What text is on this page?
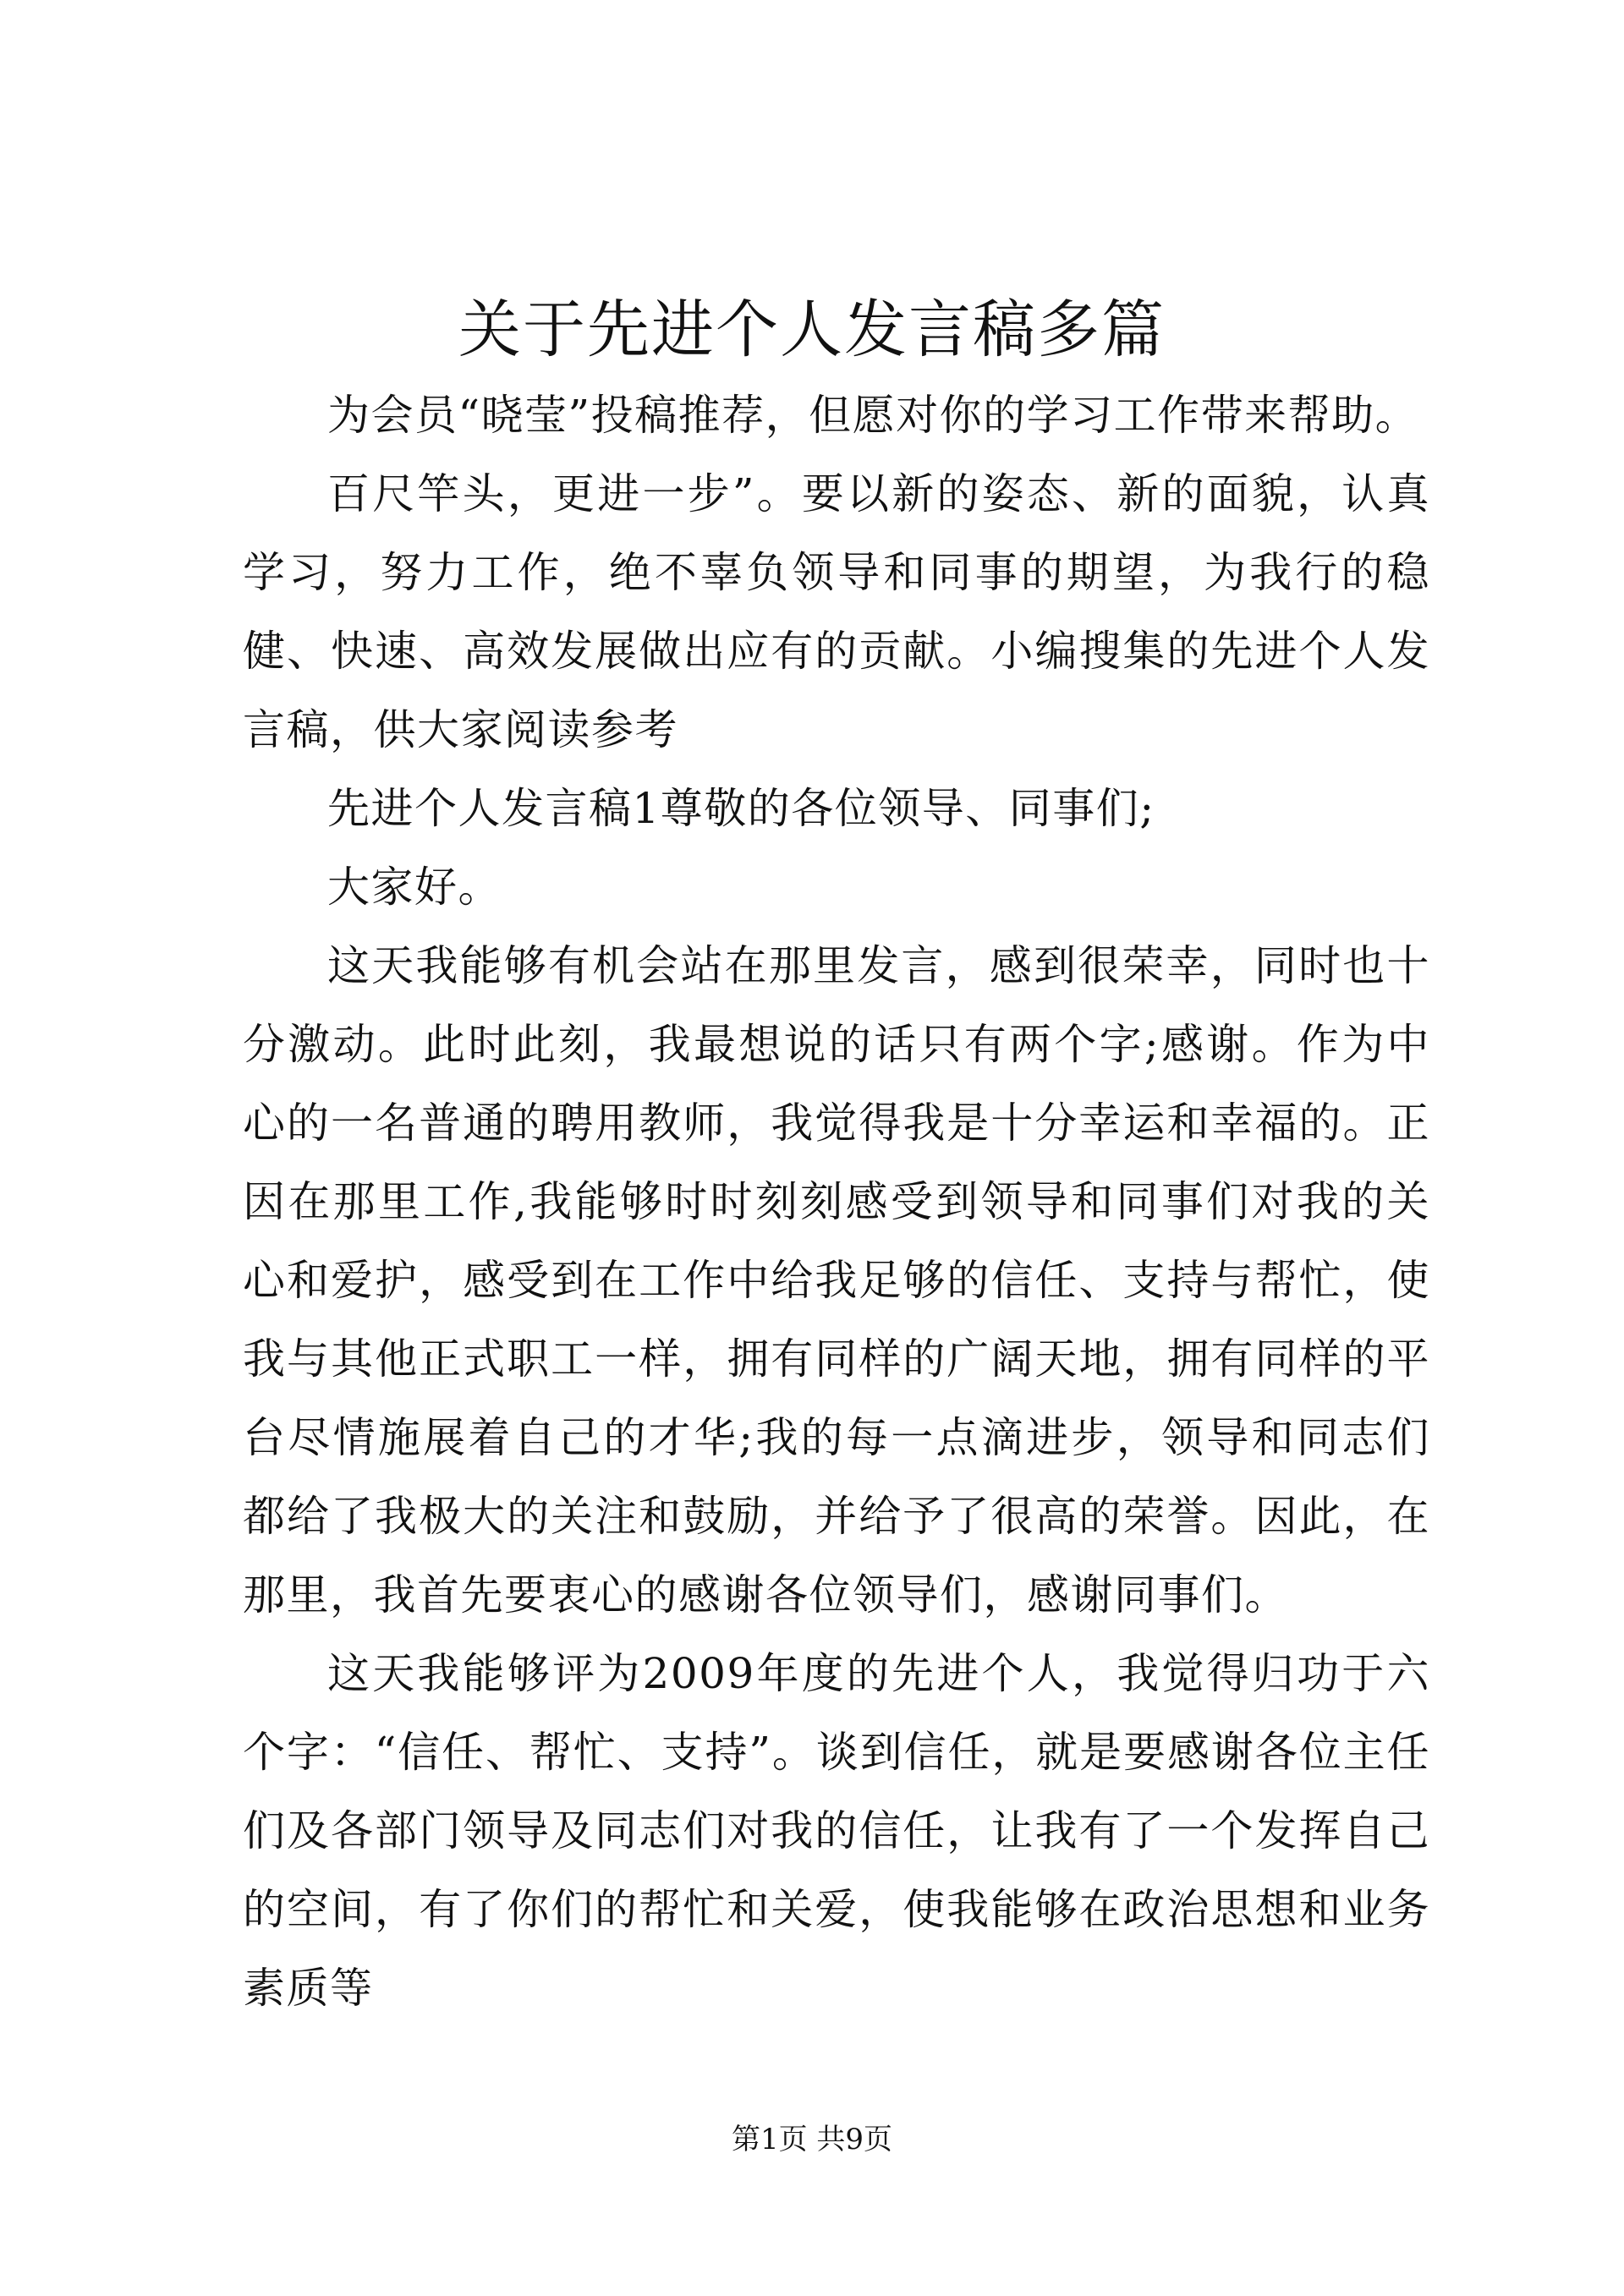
关于先进个人发言稿多篇

为会员“晓莹”投稿推荐，但愿对你的学习工作带来帮助。

百尺竿头，更进一步”。要以新的姿态、新的面貌，认真学习，努力工作，绝不辜负领导和同事的期望，为我行的稳健、快速、高效发展做出应有的贡献。小编搜集的先进个人发言稿，供大家阅读参考

先进个人发言稿1尊敬的各位领导、同事们;

大家好。

这天我能够有机会站在那里发言，感到很荣幸，同时也十分激动。此时此刻，我最想说的话只有两个字;感谢。作为中心的一名普通的聘用教师，我觉得我是十分幸运和幸福的。正因在那里工作,我能够时时刻刻感受到领导和同事们对我的关心和爱护，感受到在工作中给我足够的信任、支持与帮忙，使我与其他正式职工一样，拥有同样的广阔天地，拥有同样的平台尽情施展着自己的才华;我的每一点滴进步，领导和同志们都给了我极大的关注和鼓励，并给予了很高的荣誉。因此，在那里，我首先要衷心的感谢各位领导们，感谢同事们。

这天我能够评为2009年度的先进个人，我觉得归功于六个字：“信任、帮忙、支持”。谈到信任，就是要感谢各位主任们及各部门领导及同志们对我的信任，让我有了一个发挥自己的空间，有了你们的帮忙和关爱，使我能够在政治思想和业务素质等

第1页 共9页
